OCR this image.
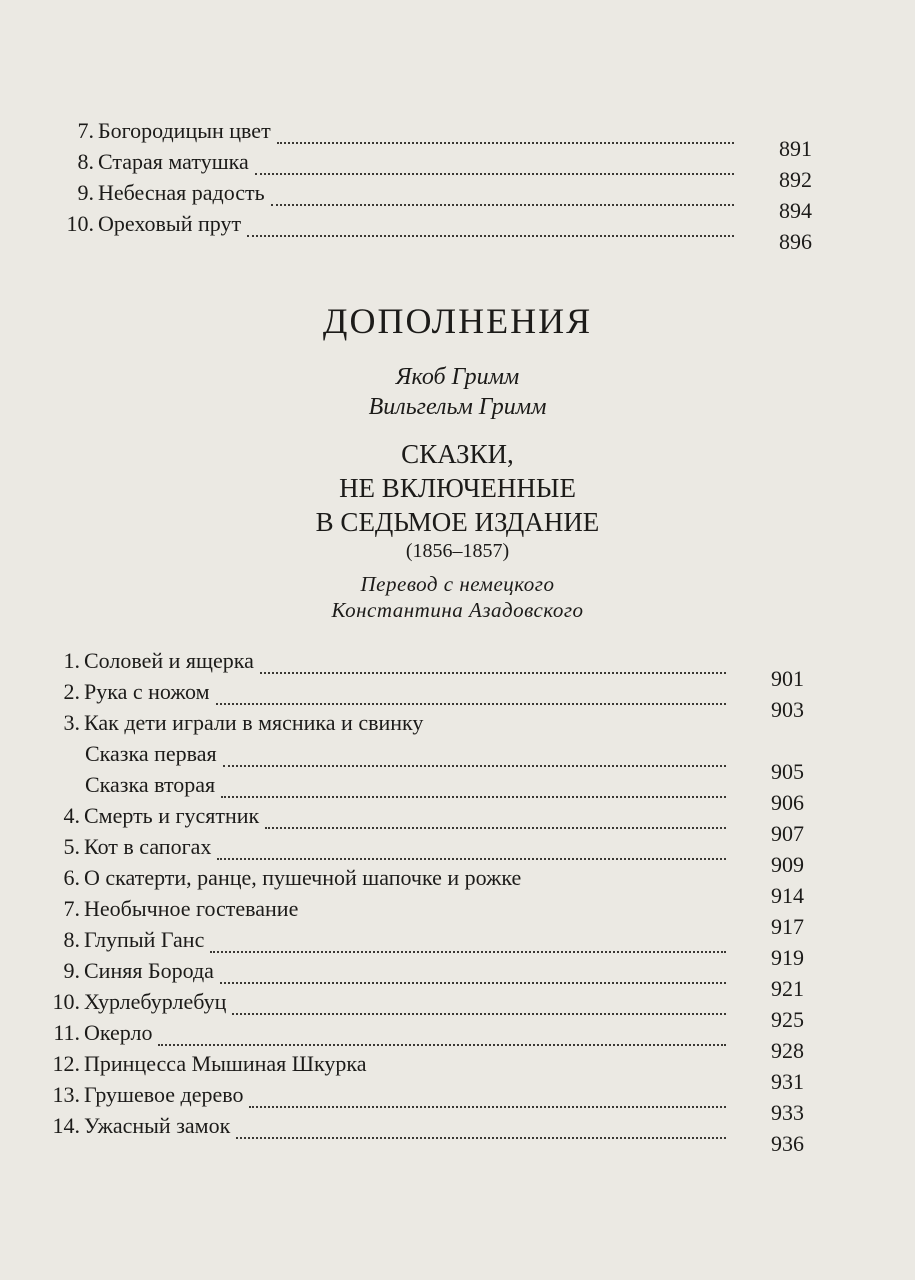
7. Богородицын цвет
891
8. Старая матушка
892
9. Небесная радость
894
10. Ореховый прут
896
ДОПОЛНЕНИЯ
Якоб Гримм
Вильгельм Гримм
СКАЗКИ,
НЕ ВКЛЮЧЕННЫЕ
В СЕДЬМОЕ ИЗДАНИЕ
(1856–1857)
Перевод с немецкого
Константина Азадовского
1. Соловей и ящерка
901
2. Рука с ножом
903
3. Как дети играли в мясника и свинку
Сказка первая
905
Сказка вторая
906
4. Смерть и гусятник
907
5. Кот в сапогах
909
6. О скатерти, ранце, пушечной шапочке и рожке
914
7. Необычное гостевание
917
8. Глупый Ганс
919
9. Синяя Борода
921
10. Хурлебурлебуц
925
11. Окерло
928
12. Принцесса Мышиная Шкурка
931
13. Грушевое дерево
933
14. Ужасный замок
936
